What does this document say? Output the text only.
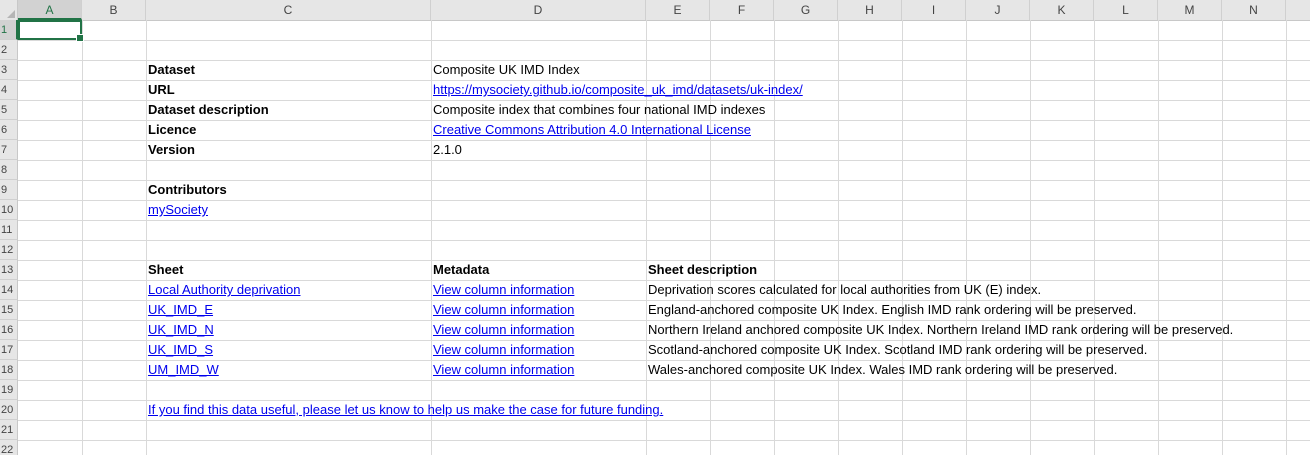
A	B	C	D	E	F	G	H	I	J	K	L	M	N
1
2
3
4
5
6
7
8
9
10
11
12
13
14
15
16
17
18
19
20
21
22
Dataset	Composite UK IMD Index
URL	https://mysociety.github.io/composite_uk_imd/datasets/uk-index/
Dataset description	Composite index that combines four national IMD indexes
Licence	Creative Commons Attribution 4.0 International License
Version	2.1.0
Contributors
mySociety
Sheet	Metadata	Sheet description
Local Authority deprivation	View column information	Deprivation scores calculated for local authorities from UK (E) index.
UK_IMD_E	View column information	England-anchored composite UK Index. English IMD rank ordering will be preserved.
UK_IMD_N	View column information	Northern Ireland anchored composite UK Index. Northern Ireland IMD rank ordering will be preserved.
UK_IMD_S	View column information	Scotland-anchored composite UK Index. Scotland IMD rank ordering will be preserved.
UM_IMD_W	View column information	Wales-anchored composite UK Index. Wales IMD rank ordering will be preserved.
If you find this data useful, please let us know to help us make the case for future funding.
